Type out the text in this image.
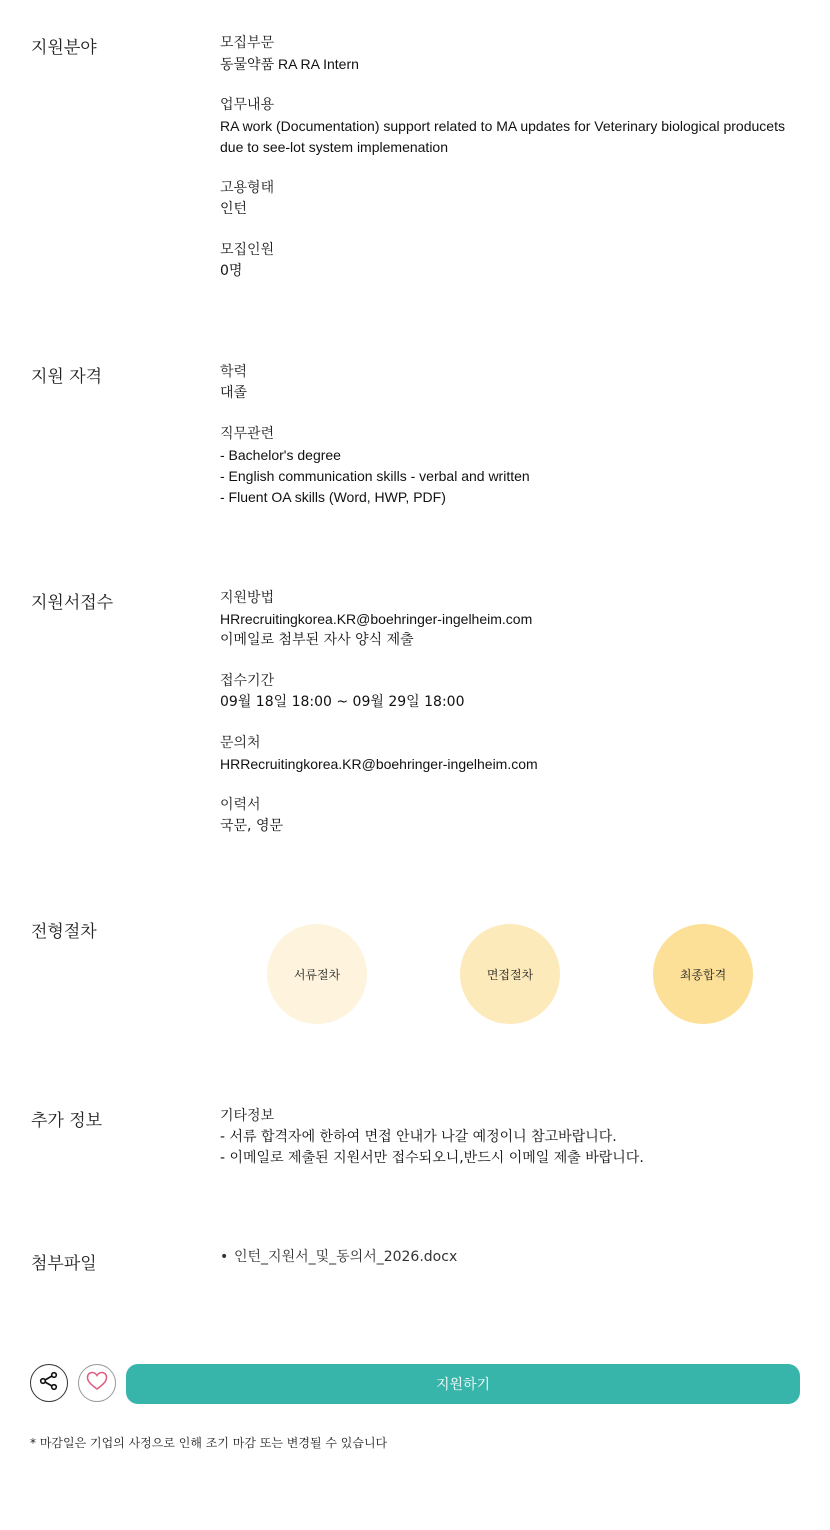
지원분야	모집부문
동물약품 RA RA Intern
업무내용
RA work (Documentation) support related to MA updates for Veterinary biological producets
due to see-lot system implemenation
고용형태
인턴
모집인원
0명
지원 자격	학력
대졸
직무관련
- Bachelor's degree
- English communication skills - verbal and written
- Fluent OA skills (Word, HWP, PDF)
지원서접수	지원방법
HRrecruitingkorea.KR@boehringer-ingelheim.com
이메일로 첨부된 자사 양식 제출
접수기간
09월 18일 18:00 ~ 09월 29일 18:00
문의처
HRRecruitingkorea.KR@boehringer-ingelheim.com
이력서
국문, 영문
전형절차
서류절차	면접절차	최종합격
추가 정보	기타정보
- 서류 합격자에 한하여 면접 안내가 나갈 예정이니 참고바랍니다.
- 이메일로 제출된 지원서만 접수되오니,반드시 이메일 제출 바랍니다.
첨부파일	• 인턴_지원서_및_동의서_2026.docx
지원하기
* 마감일은 기업의 사정으로 인해 조기 마감 또는 변경될 수 있습니다
